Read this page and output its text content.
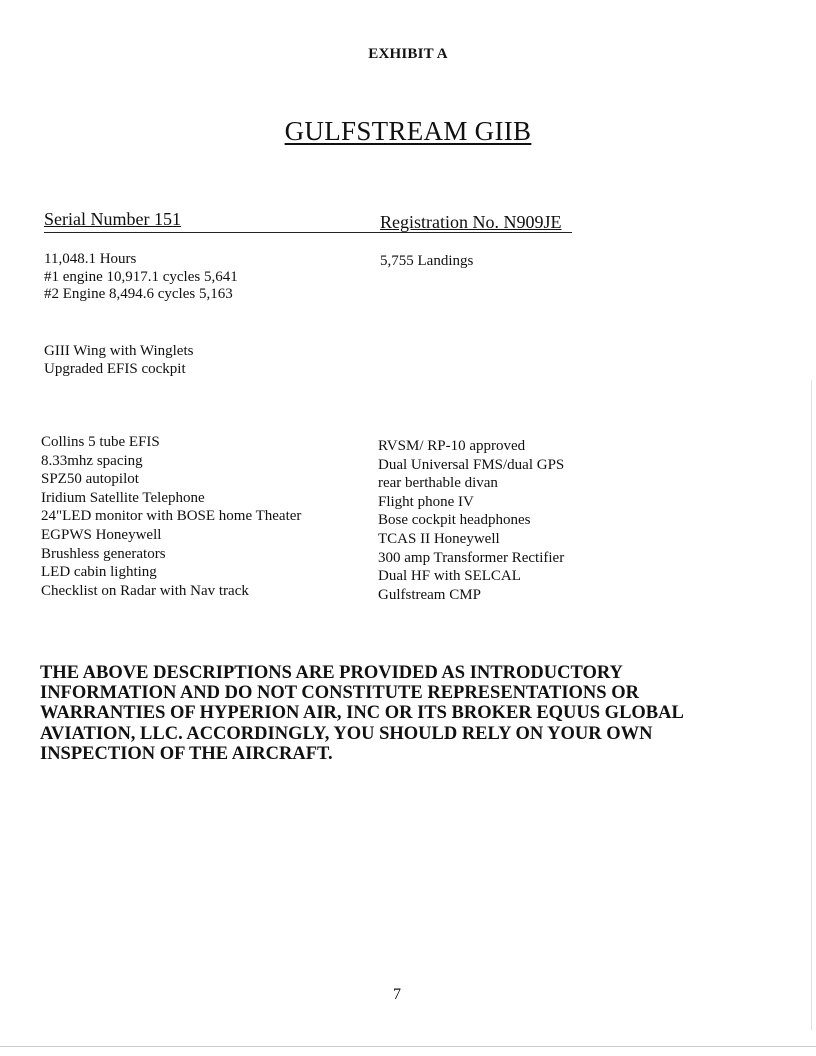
EXHIBIT A
GULFSTREAM GIIB
Serial Number 151	Registration No. N909JE
11,048.1 Hours
#1 engine 10,917.1 cycles 5,641
#2 Engine 8,494.6 cycles 5,163
5,755 Landings
GIII Wing with Winglets
Upgraded EFIS cockpit
Collins 5 tube EFIS
8.33mhz spacing
SPZ50 autopilot
Iridium Satellite Telephone
24"LED monitor with BOSE home Theater
EGPWS Honeywell
Brushless generators
LED cabin lighting
Checklist on Radar with Nav track
RVSM/ RP-10 approved
Dual Universal FMS/dual GPS
rear berthable divan
Flight phone IV
Bose cockpit headphones
TCAS II Honeywell
300 amp Transformer Rectifier
Dual HF with SELCAL
Gulfstream CMP
THE ABOVE DESCRIPTIONS ARE PROVIDED AS INTRODUCTORY
INFORMATION AND DO NOT CONSTITUTE REPRESENTATIONS OR
WARRANTIES OF HYPERION AIR, INC OR ITS BROKER EQUUS GLOBAL
AVIATION, LLC. ACCORDINGLY, YOU SHOULD RELY ON YOUR OWN
INSPECTION OF THE AIRCRAFT.
7
